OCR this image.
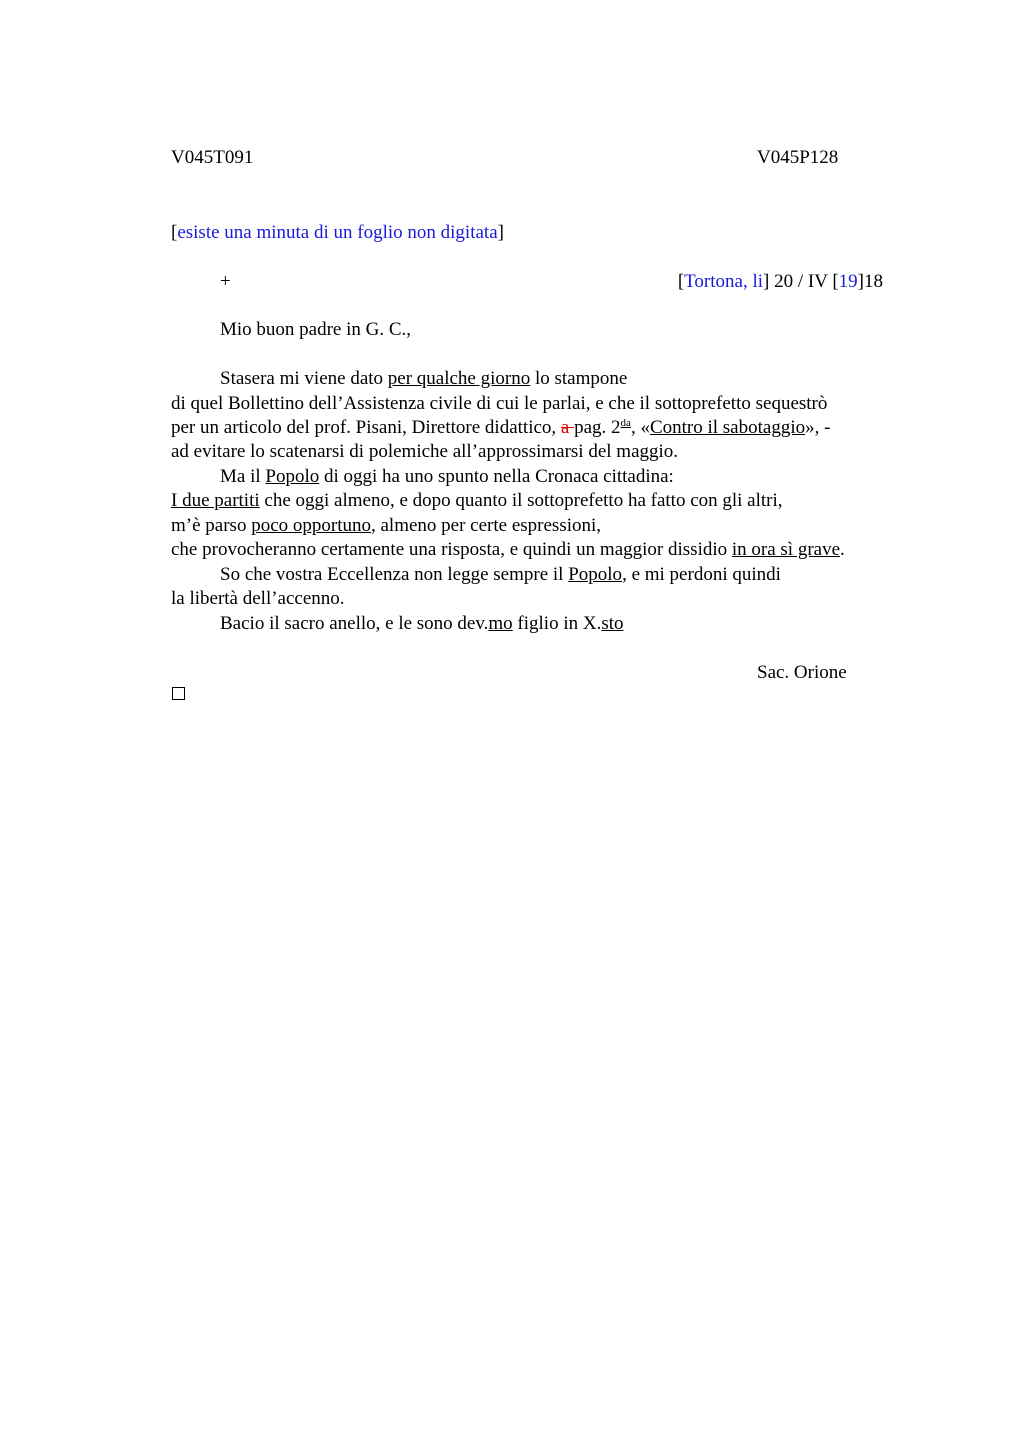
V045T091	V045P128
[esiste una minuta di un foglio non digitata]
+	[Tortona, li] 20 / IV [19]18
Mio buon padre in G. C.,
Stasera mi viene dato per qualche giorno lo stampone
di quel Bollettino dell’Assistenza civile di cui le parlai, e che il sottoprefetto sequestrò
per un articolo del prof. Pisani, Direttore didattico, a pag. $2^{da}$, «Contro il sabotaggio», -
ad evitare lo scatenarsi di polemiche all’approssimarsi del maggio.
Ma il Popolo di oggi ha uno spunto nella Cronaca cittadina:
I due partiti che oggi almeno, e dopo quanto il sottoprefetto ha fatto con gli altri,
m’è parso poco opportuno, almeno per certe espressioni,
che provocheranno certamente una risposta, e quindi un maggior dissidio in ora sì grave.
So che vostra Eccellenza non legge sempre il Popolo, e mi perdoni quindi
la libertà dell’accenno.
Bacio il sacro anello, e le sono dev.mo figlio in X.sto
Sac. Orione
